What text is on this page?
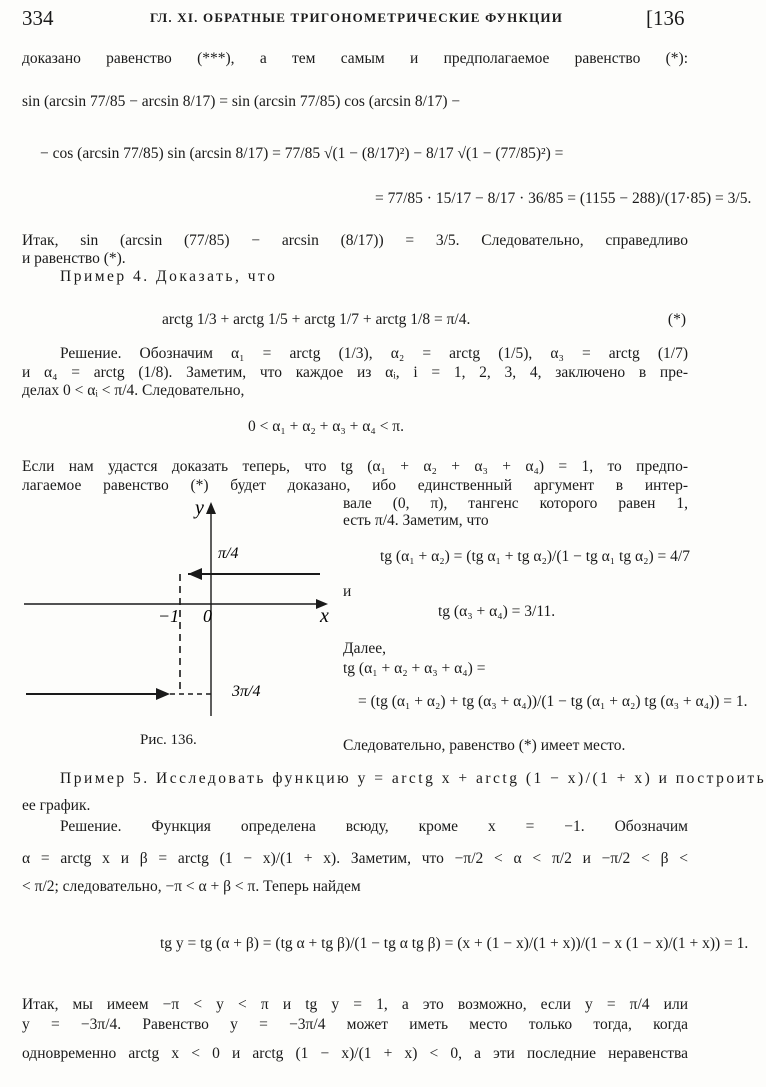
334	ГЛ. XI. ОБРАТНЫЕ ТРИГОНОМЕТРИЧЕСКИЕ ФУНКЦИИ	[136
доказано равенство (***), а тем самым и предполагаемое равенство (*):
sin (arcsin 77/85 − arcsin 8/17) = sin (arcsin 77/85) cos (arcsin 8/17) −
− cos (arcsin 77/85) sin (arcsin 8/17) = 77/85 √(1 − (8/17)²) − 8/17 √(1 − (77/85)²) =
= 77/85 · 15/17 − 8/17 · 36/85 = (1155 − 288)/(17·85) = 3/5.
Итак, sin (arcsin (77/85) − arcsin (8/17)) = 3/5. Следовательно, справедливо
и равенство (*).
Пример 4. Доказать, что
arctg 1/3 + arctg 1/5 + arctg 1/7 + arctg 1/8 = π/4.	(*)
Решение. Обозначим α₁ = arctg (1/3), α₂ = arctg (1/5), α₃ = arctg (1/7)
и α₄ = arctg (1/8). Заметим, что каждое из αᵢ, i = 1, 2, 3, 4, заключено в пре-
делах 0 < αᵢ < π/4. Следовательно,
0 < α₁ + α₂ + α₃ + α₄ < π.
Если нам удастся доказать теперь, что tg (α₁ + α₂ + α₃ + α₄) = 1, то предпо-
лагаемое равенство (*) будет доказано, ибо единственный аргумент в интер-
вале (0, π), тангенс которого равен 1,
есть π/4. Заметим, что
tg (α₁ + α₂) = (tg α₁ + tg α₂)/(1 − tg α₁ tg α₂) = 4/7
и
tg (α₃ + α₄) = 3/11.
Далее,
tg (α₁ + α₂ + α₃ + α₄) =
= (tg (α₁ + α₂) + tg (α₃ + α₄))/(1 − tg (α₁ + α₂) tg (α₃ + α₄)) = 1.
Следовательно, равенство (*) имеет место.
y
x
−1 0
π/4
3π/4
Рис. 136.
Пример 5. Исследовать функцию y = arctg x + arctg (1 − x)/(1 + x) и построить
ее график.
Решение. Функция определена всюду, кроме x = −1. Обозначим
α = arctg x и β = arctg (1 − x)/(1 + x). Заметим, что −π/2 < α < π/2 и −π/2 < β <
< π/2; следовательно, −π < α + β < π. Теперь найдем
tg y = tg (α + β) = (tg α + tg β)/(1 − tg α tg β) = (x + (1 − x)/(1 + x))/(1 − x (1 − x)/(1 + x)) = 1.
Итак, мы имеем −π < y < π и tg y = 1, а это возможно, если y = π/4 или
y = −3π/4. Равенство y = −3π/4 может иметь место только тогда, когда
одновременно arctg x < 0 и arctg (1 − x)/(1 + x) < 0, а эти последние неравенства
